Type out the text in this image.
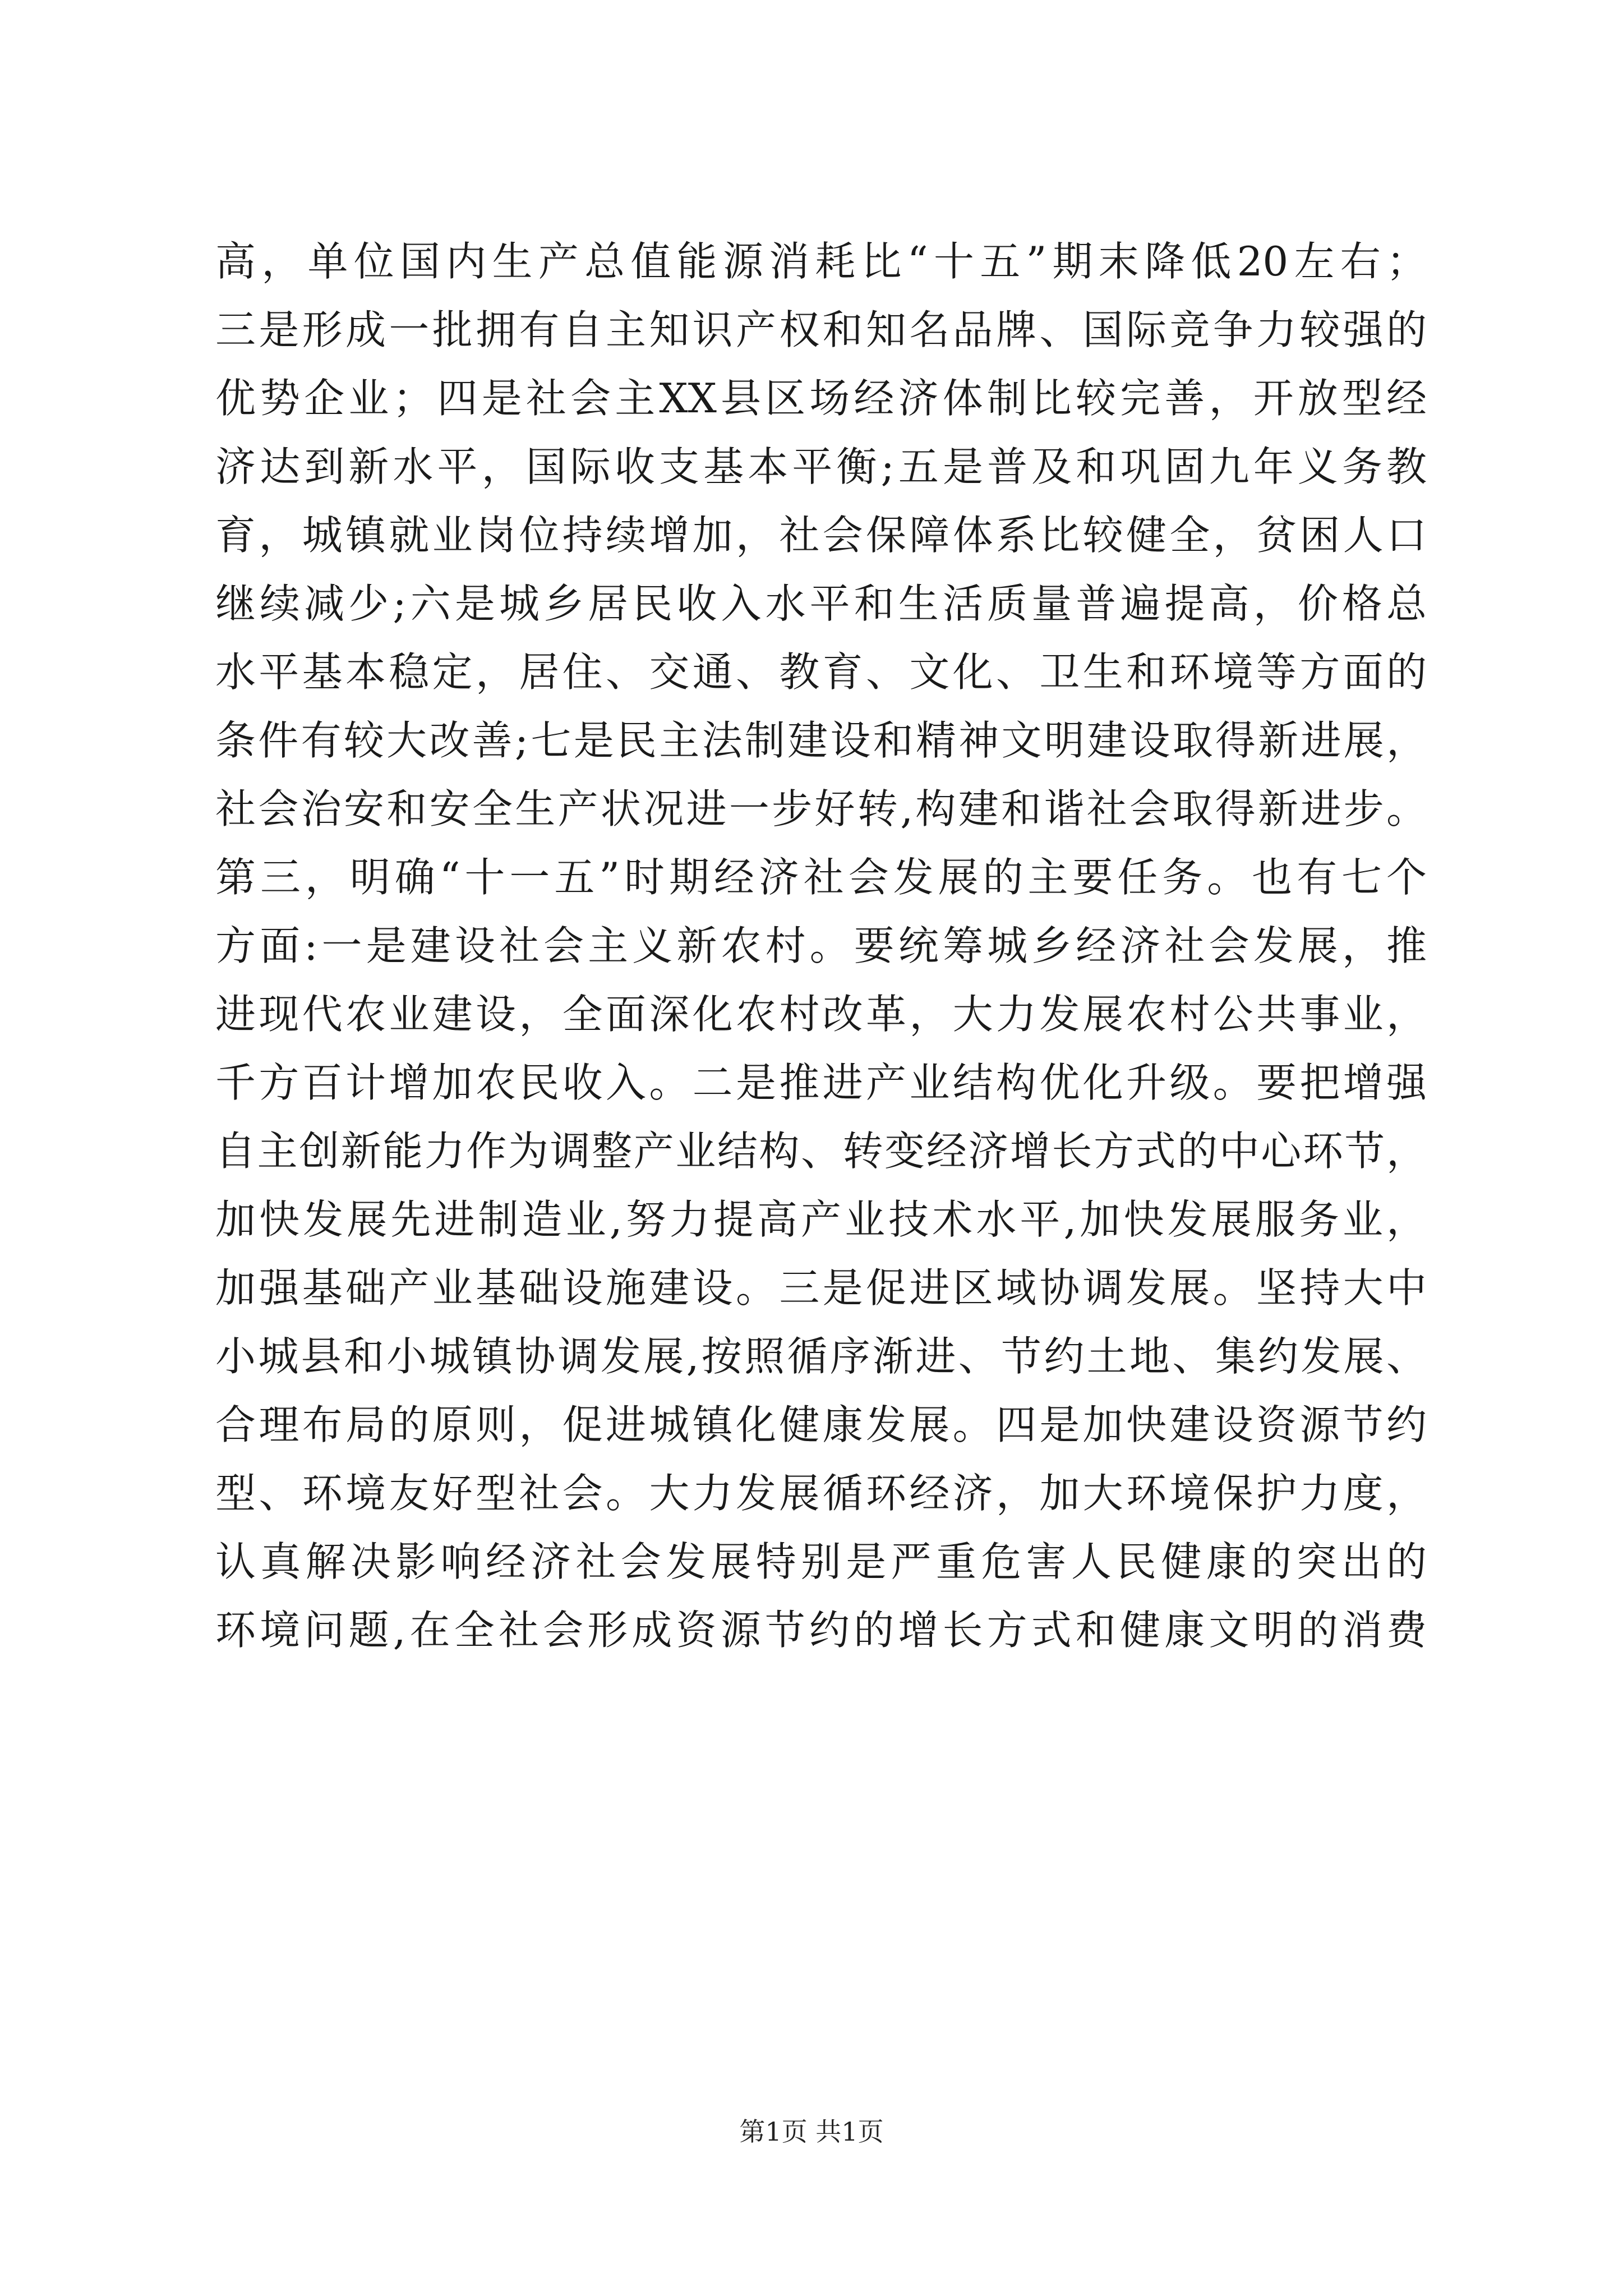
高，单位国内生产总值能源消耗比“十五”期末降低20左右；
三是形成一批拥有自主知识产权和知名品牌、国际竞争力较强的
优势企业；四是社会主XX县区场经济体制比较完善，开放型经
济达到新水平，国际收支基本平衡;五是普及和巩固九年义务教
育，城镇就业岗位持续增加，社会保障体系比较健全，贫困人口
继续减少;六是城乡居民收入水平和生活质量普遍提高，价格总
水平基本稳定，居住、交通、教育、文化、卫生和环境等方面的
条件有较大改善;七是民主法制建设和精神文明建设取得新进展，
社会治安和安全生产状况进一步好转,构建和谐社会取得新进步。
第三，明确“十一五”时期经济社会发展的主要任务。也有七个
方面:一是建设社会主义新农村。要统筹城乡经济社会发展，推
进现代农业建设，全面深化农村改革，大力发展农村公共事业，
千方百计增加农民收入。二是推进产业结构优化升级。要把增强
自主创新能力作为调整产业结构、转变经济增长方式的中心环节，
加快发展先进制造业,努力提高产业技术水平,加快发展服务业，
加强基础产业基础设施建设。三是促进区域协调发展。坚持大中
小城县和小城镇协调发展,按照循序渐进、节约土地、集约发展、
合理布局的原则，促进城镇化健康发展。四是加快建设资源节约
型、环境友好型社会。大力发展循环经济，加大环境保护力度，
认真解决影响经济社会发展特别是严重危害人民健康的突出的
环境问题,在全社会形成资源节约的增长方式和健康文明的消费
第1页 共1页
